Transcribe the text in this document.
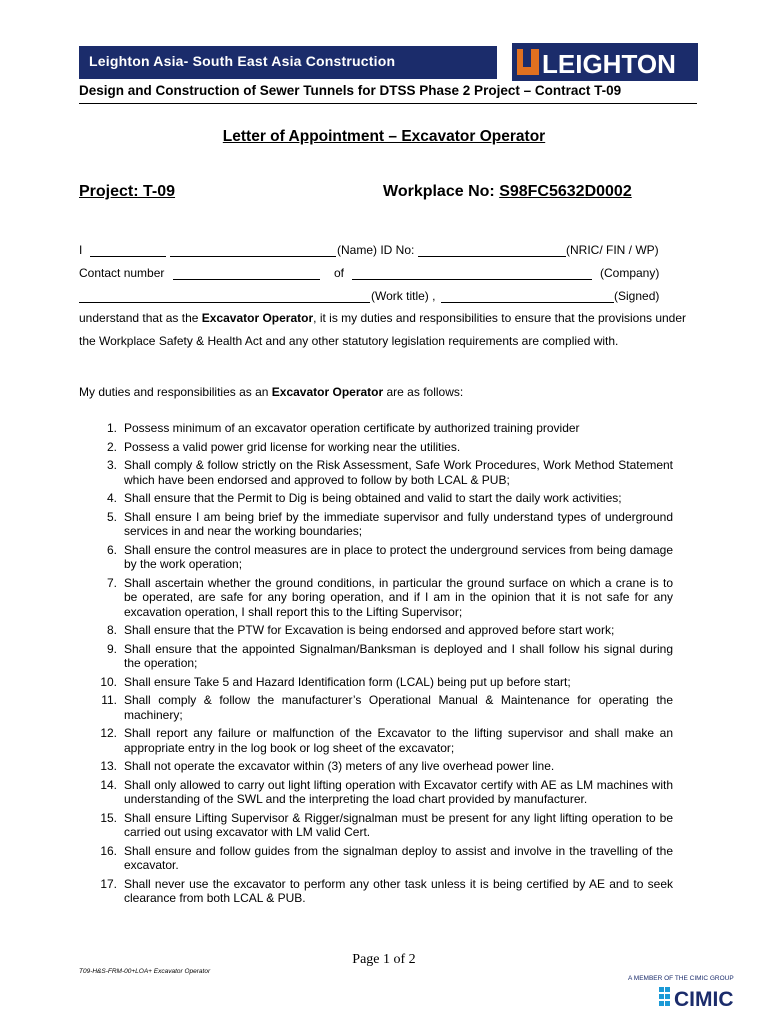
Leighton Asia- South East Asia Construction	LEIGHTON
Design and Construction of Sewer Tunnels for DTSS Phase 2 Project – Contract T-09
Letter of Appointment – Excavator Operator
Project: T-09	Workplace No: S98FC5632D0002
I	(Name) ID No:	(NRIC/ FIN / WP)
Contact number	of	(Company)
(Work title) ,	(Signed)
understand that as the Excavator Operator, it is my duties and responsibilities to ensure that the provisions under the Workplace Safety & Health Act and any other statutory legislation requirements are complied with.
My duties and responsibilities as an Excavator Operator are as follows:
1. Possess minimum of an excavator operation certificate by authorized training provider
2. Possess a valid power grid license for working near the utilities.
3. Shall comply & follow strictly on the Risk Assessment, Safe Work Procedures, Work Method Statement which have been endorsed and approved to follow by both LCAL & PUB;
4. Shall ensure that the Permit to Dig is being obtained and valid to start the daily work activities;
5. Shall ensure I am being brief by the immediate supervisor and fully understand types of underground services in and near the working boundaries;
6. Shall ensure the control measures are in place to protect the underground services from being damage by the work operation;
7. Shall ascertain whether the ground conditions, in particular the ground surface on which a crane is to be operated, are safe for any boring operation, and if I am in the opinion that it is not safe for any excavation operation, I shall report this to the Lifting Supervisor;
8. Shall ensure that the PTW for Excavation is being endorsed and approved before start work;
9. Shall ensure that the appointed Signalman/Banksman is deployed and I shall follow his signal during the operation;
10. Shall ensure Take 5 and Hazard Identification form (LCAL) being put up before start;
11. Shall comply & follow the manufacturer’s Operational Manual & Maintenance for operating the machinery;
12. Shall report any failure or malfunction of the Excavator to the lifting supervisor and shall make an appropriate entry in the log book or log sheet of the excavator;
13. Shall not operate the excavator within (3) meters of any live overhead power line.
14. Shall only allowed to carry out light lifting operation with Excavator certify with AE as LM machines with understanding of the SWL and the interpreting the load chart provided by manufacturer.
15. Shall ensure Lifting Supervisor & Rigger/signalman must be present for any light lifting operation to be carried out using excavator with LM valid Cert.
16. Shall ensure and follow guides from the signalman deploy to assist and involve in the travelling of the excavator.
17. Shall never use the excavator to perform any other task unless it is being certified by AE and to seek clearance from both LCAL & PUB.
Page 1 of 2
T09-H&S-FRM-00+LOA+ Excavator Operator
A MEMBER OF THE CIMIC GROUP
CIMIC
